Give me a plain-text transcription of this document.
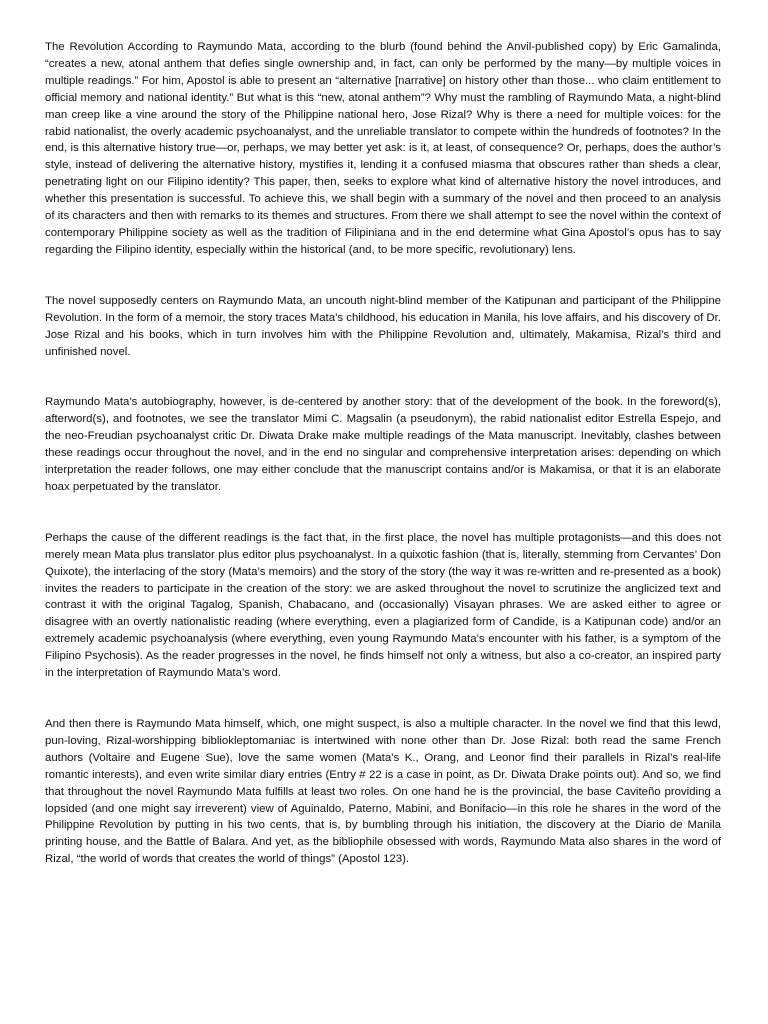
The Revolution According to Raymundo Mata, according to the blurb (found behind the Anvil-published copy) by Eric Gamalinda, “creates a new, atonal anthem that defies single ownership and, in fact, can only be performed by the many—by multiple voices in multiple readings.” For him, Apostol is able to present an “alternative [narrative] on history other than those... who claim entitlement to official memory and national identity.” But what is this “new, atonal anthem”? Why must the rambling of Raymundo Mata, a night-blind man creep like a vine around the story of the Philippine national hero, Jose Rizal? Why is there a need for multiple voices: for the rabid nationalist, the overly academic psychoanalyst, and the unreliable translator to compete within the hundreds of footnotes? In the end, is this alternative history true—or, perhaps, we may better yet ask: is it, at least, of consequence? Or, perhaps, does the author’s style, instead of delivering the alternative history, mystifies it, lending it a confused miasma that obscures rather than sheds a clear, penetrating light on our Filipino identity? This paper, then, seeks to explore what kind of alternative history the novel introduces, and whether this presentation is successful. To achieve this, we shall begin with a summary of the novel and then proceed to an analysis of its characters and then with remarks to its themes and structures. From there we shall attempt to see the novel within the context of contemporary Philippine society as well as the tradition of Filipiniana and in the end determine what Gina Apostol’s opus has to say regarding the Filipino identity, especially within the historical (and, to be more specific, revolutionary) lens.

The novel supposedly centers on Raymundo Mata, an uncouth night-blind member of the Katipunan and participant of the Philippine Revolution. In the form of a memoir, the story traces Mata’s childhood, his education in Manila, his love affairs, and his discovery of Dr. Jose Rizal and his books, which in turn involves him with the Philippine Revolution and, ultimately, Makamisa, Rizal’s third and unfinished novel.

Raymundo Mata’s autobiography, however, is de-centered by another story: that of the development of the book. In the foreword(s), afterword(s), and footnotes, we see the translator Mimi C. Magsalin (a pseudonym), the rabid nationalist editor Estrella Espejo, and the neo-Freudian psychoanalyst critic Dr. Diwata Drake make multiple readings of the Mata manuscript. Inevitably, clashes between these readings occur throughout the novel, and in the end no singular and comprehensive interpretation arises: depending on which interpretation the reader follows, one may either conclude that the manuscript contains and/or is Makamisa, or that it is an elaborate hoax perpetuated by the translator.

Perhaps the cause of the different readings is the fact that, in the first place, the novel has multiple protagonists—and this does not merely mean Mata plus translator plus editor plus psychoanalyst. In a quixotic fashion (that is, literally, stemming from Cervantes’ Don Quixote), the interlacing of the story (Mata’s memoirs) and the story of the story (the way it was re-written and re-presented as a book) invites the readers to participate in the creation of the story: we are asked throughout the novel to scrutinize the anglicized text and contrast it with the original Tagalog, Spanish, Chabacano, and (occasionally) Visayan phrases. We are asked either to agree or disagree with an overtly nationalistic reading (where everything, even a plagiarized form of Candide, is a Katipunan code) and/or an extremely academic psychoanalysis (where everything, even young Raymundo Mata’s encounter with his father, is a symptom of the Filipino Psychosis). As the reader progresses in the novel, he finds himself not only a witness, but also a co-creator, an inspired party in the interpretation of Raymundo Mata’s word.

And then there is Raymundo Mata himself, which, one might suspect, is also a multiple character. In the novel we find that this lewd, pun-loving, Rizal-worshipping bibliokleptomaniac is intertwined with none other than Dr. Jose Rizal: both read the same French authors (Voltaire and Eugene Sue), love the same women (Mata’s K., Orang, and Leonor find their parallels in Rizal’s real-life romantic interests), and even write similar diary entries (Entry # 22 is a case in point, as Dr. Diwata Drake points out). And so, we find that throughout the novel Raymundo Mata fulfills at least two roles. On one hand he is the provincial, the base Caviteño providing a lopsided (and one might say irreverent) view of Aguinaldo, Paterno, Mabini, and Bonifacio—in this role he shares in the word of the Philippine Revolution by putting in his two cents, that is, by bumbling through his initiation, the discovery at the Diario de Manila printing house, and the Battle of Balara. And yet, as the bibliophile obsessed with words, Raymundo Mata also shares in the word of Rizal, “the world of words that creates the world of things” (Apostol 123).
